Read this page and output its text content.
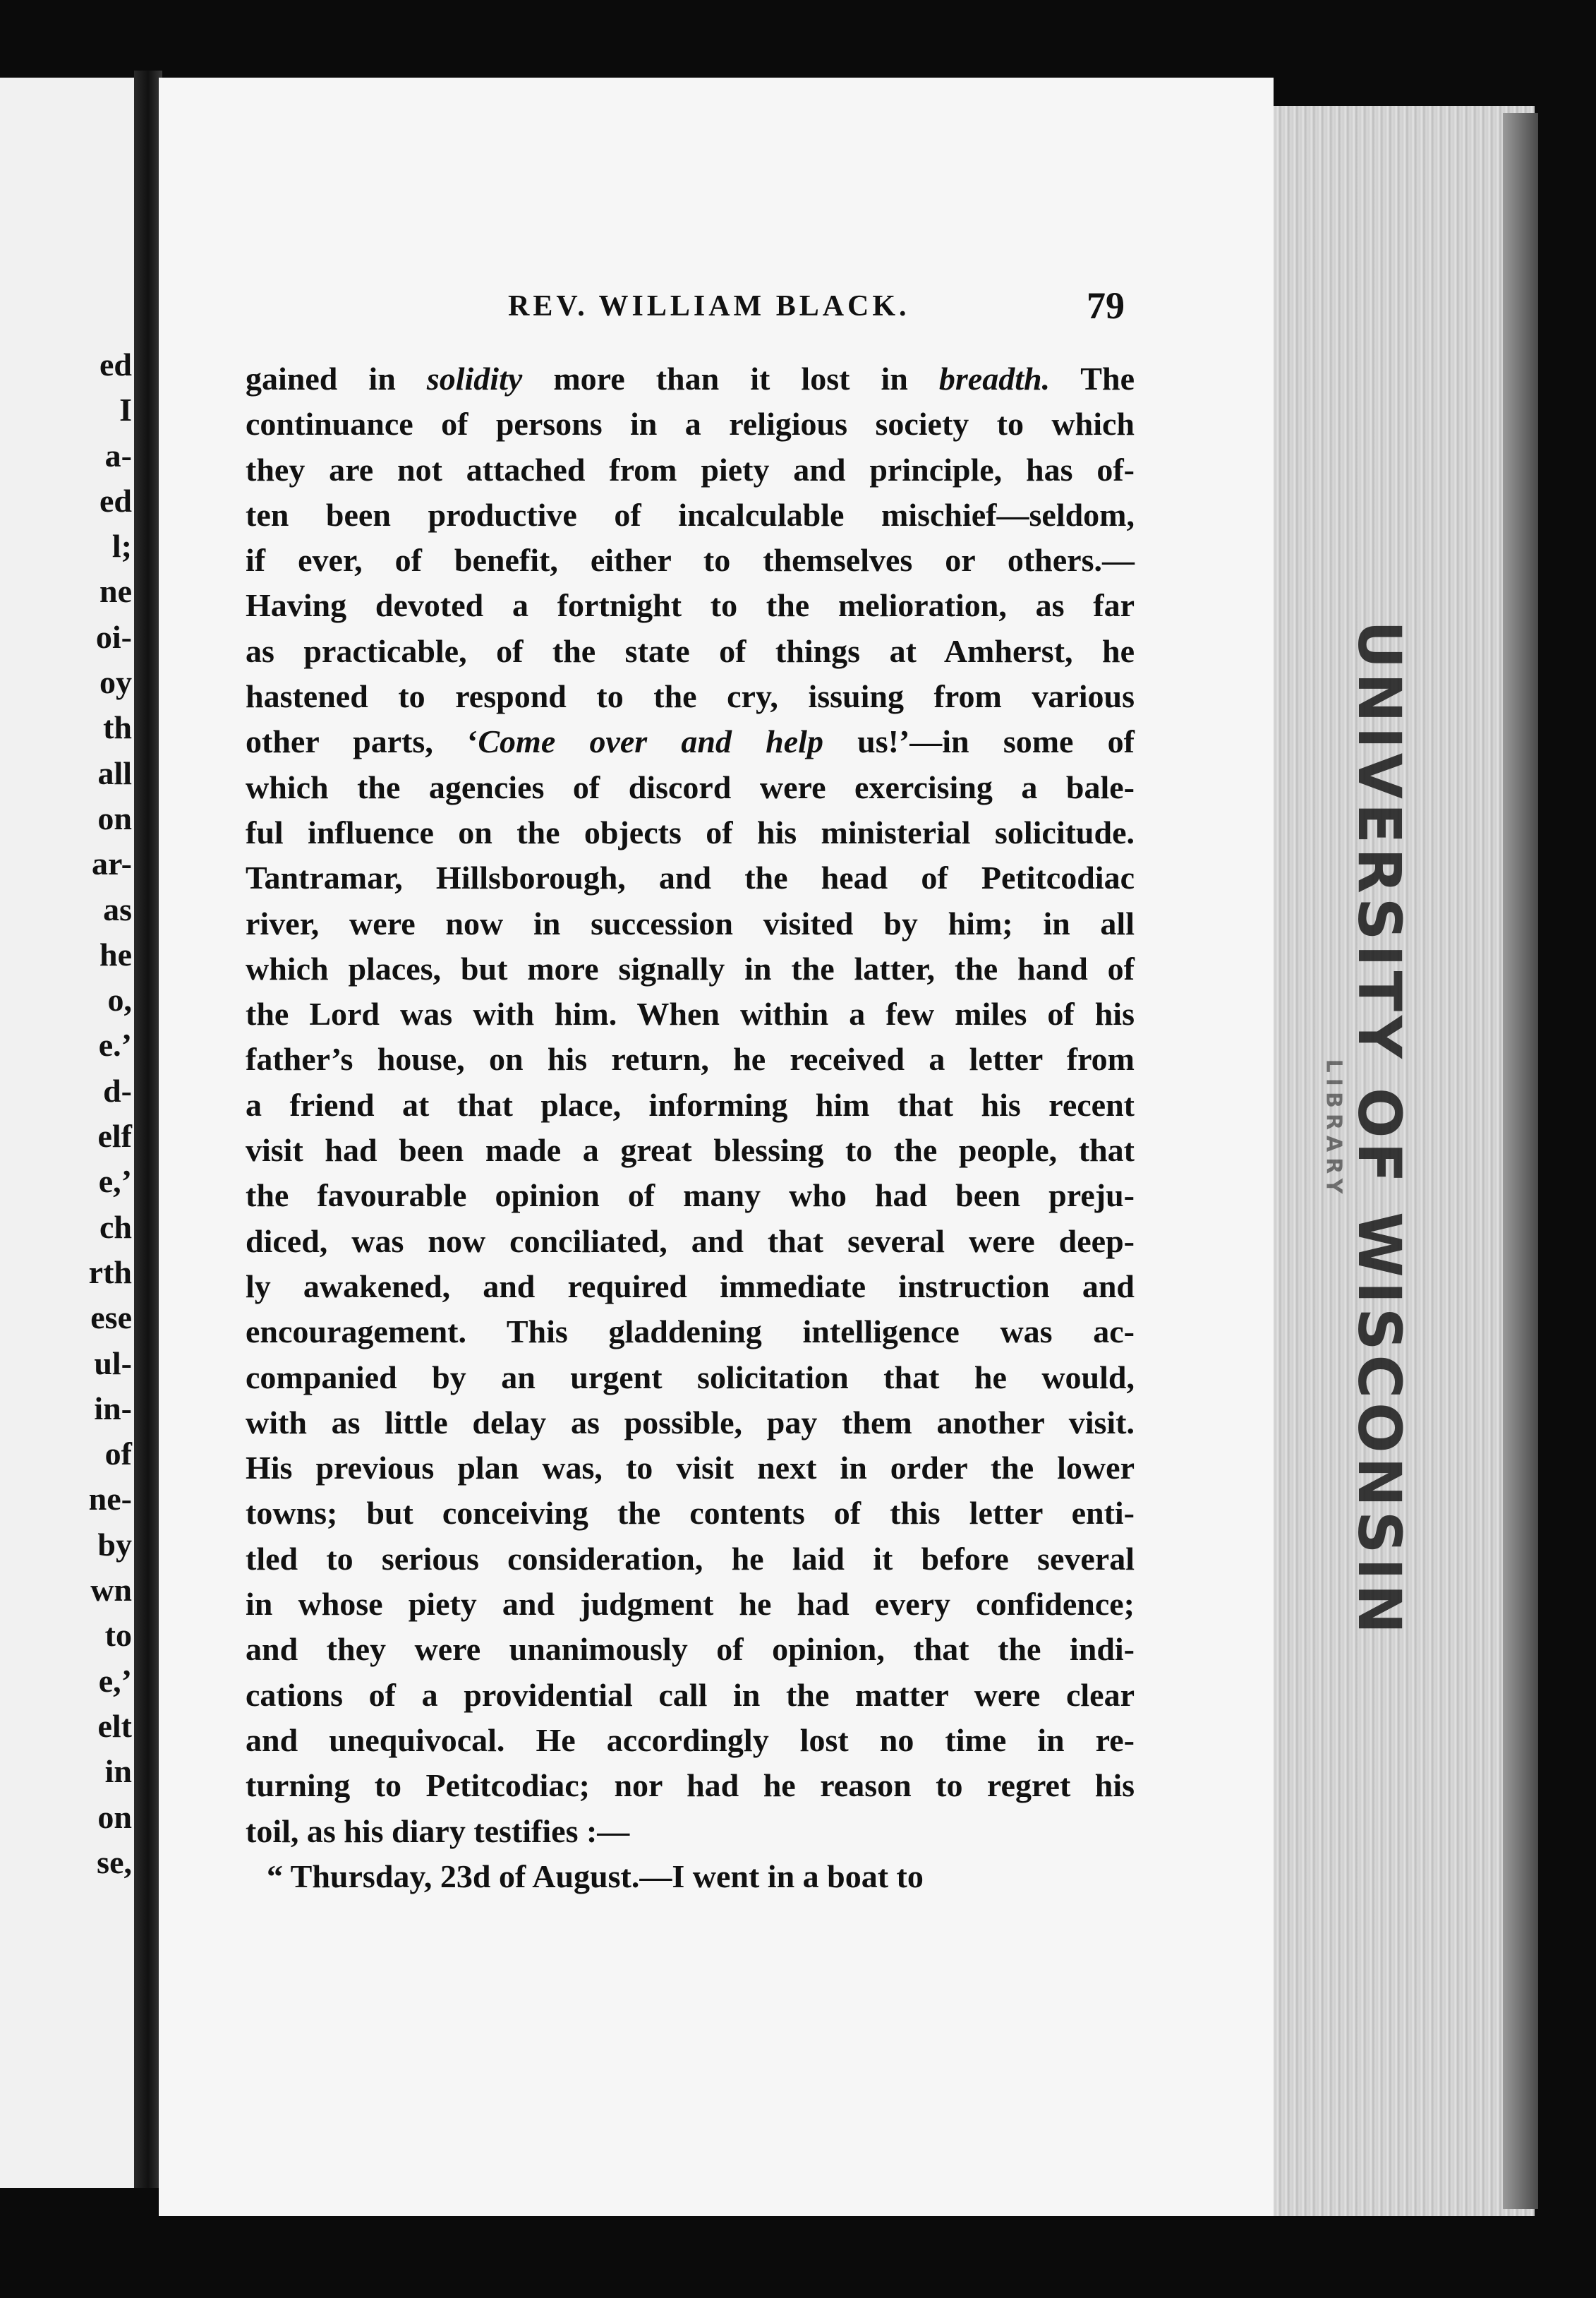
ed
I
a-
ed
l;
ne
oi-
oy
th
all
on
ar-
as
he
o,
e.’
d-
elf
e,’
ch
rth
ese
ul-
in-
of
ne-
by
wn
to
e,’
elt
in
on
se,
UNIVERSITY OF WISCONSIN
LIBRARY
REV. WILLIAM BLACK.	79
gained in solidity more than it lost in breadth. The
continuance of persons in a religious society to which
they are not attached from piety and principle, has of-
ten been productive of incalculable mischief—seldom,
if ever, of benefit, either to themselves or others.—
Having devoted a fortnight to the melioration, as far
as practicable, of the state of things at Amherst, he
hastened to respond to the cry, issuing from various
other parts, ‘Come over and help us!’—in some of
which the agencies of discord were exercising a bale-
ful influence on the objects of his ministerial solicitude.
Tantramar, Hillsborough, and the head of Petitcodiac
river, were now in succession visited by him; in all
which places, but more signally in the latter, the hand of
the Lord was with him. When within a few miles of his
father’s house, on his return, he received a letter from
a friend at that place, informing him that his recent
visit had been made a great blessing to the people, that
the favourable opinion of many who had been preju-
diced, was now conciliated, and that several were deep-
ly awakened, and required immediate instruction and
encouragement. This gladdening intelligence was ac-
companied by an urgent solicitation that he would,
with as little delay as possible, pay them another visit.
His previous plan was, to visit next in order the lower
towns; but conceiving the contents of this letter enti-
tled to serious consideration, he laid it before several
in whose piety and judgment he had every confidence;
and they were unanimously of opinion, that the indi-
cations of a providential call in the matter were clear
and unequivocal. He accordingly lost no time in re-
turning to Petitcodiac; nor had he reason to regret his
toil, as his diary testifies :—
“ Thursday, 23d of August.—I went in a boat to
